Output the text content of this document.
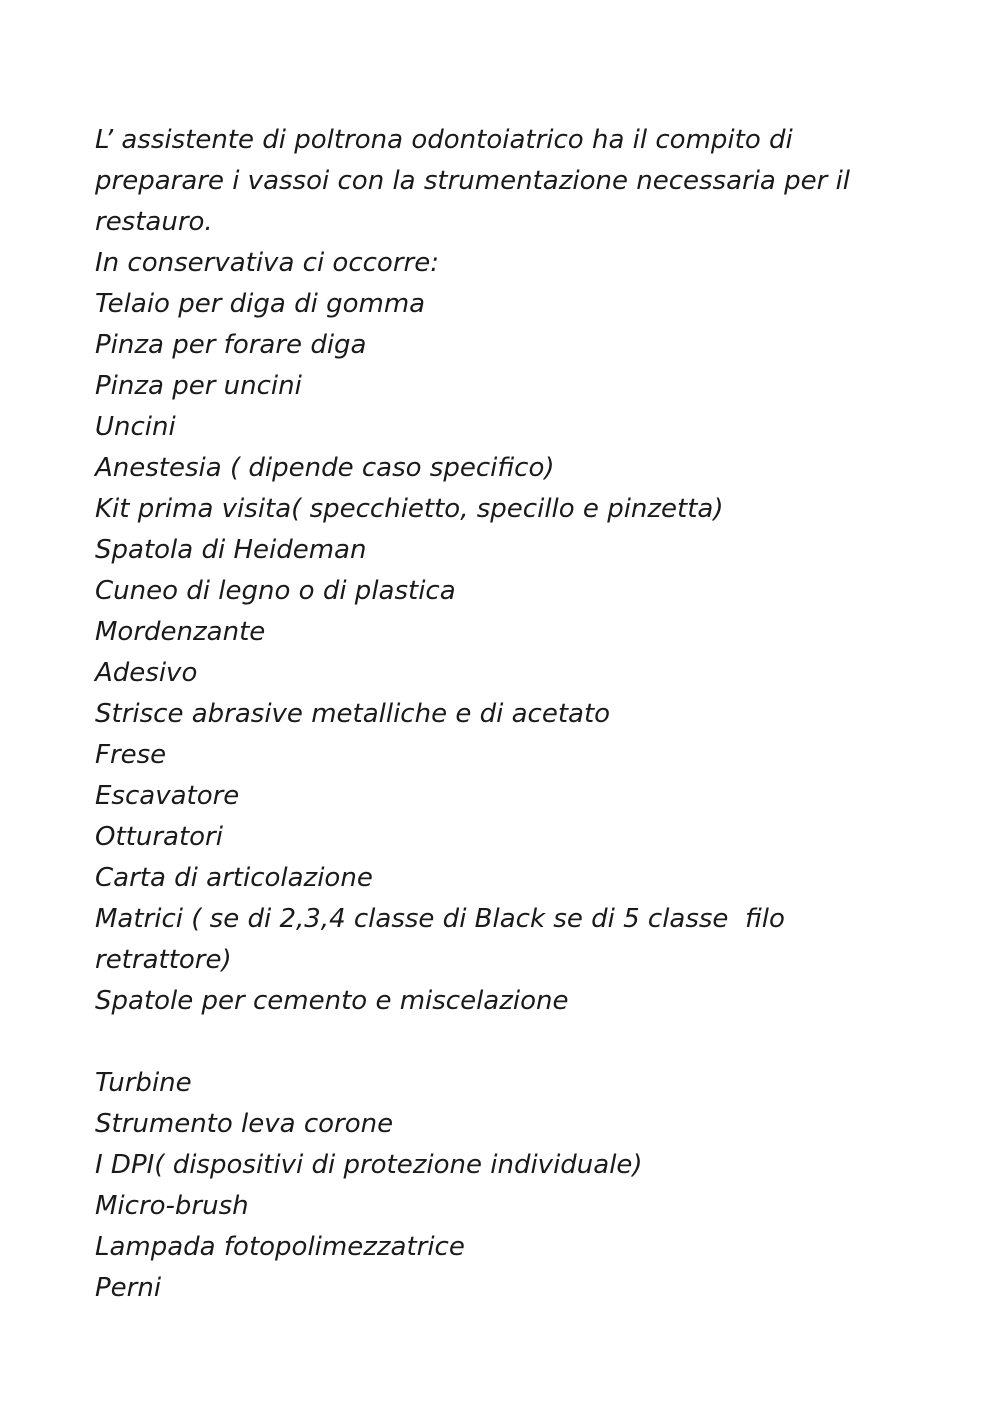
L’ assistente di poltrona odontoiatrico ha il compito di
preparare i vassoi con la strumentazione necessaria per il
restauro.
In conservativa ci occorre:
Telaio per diga di gomma
Pinza per forare diga
Pinza per uncini
Uncini
Anestesia ( dipende caso specifico)
Kit prima visita( specchietto, specillo e pinzetta)
Spatola di Heideman
Cuneo di legno o di plastica
Mordenzante
Adesivo
Strisce abrasive metalliche e di acetato
Frese
Escavatore
Otturatori
Carta di articolazione
Matrici ( se di 2,3,4 classe di Black se di 5 classe  filo
retrattore)
Spatole per cemento e miscelazione
Turbine
Strumento leva corone
I DPI( dispositivi di protezione individuale)
Micro-brush
Lampada fotopolimezzatrice
Perni
